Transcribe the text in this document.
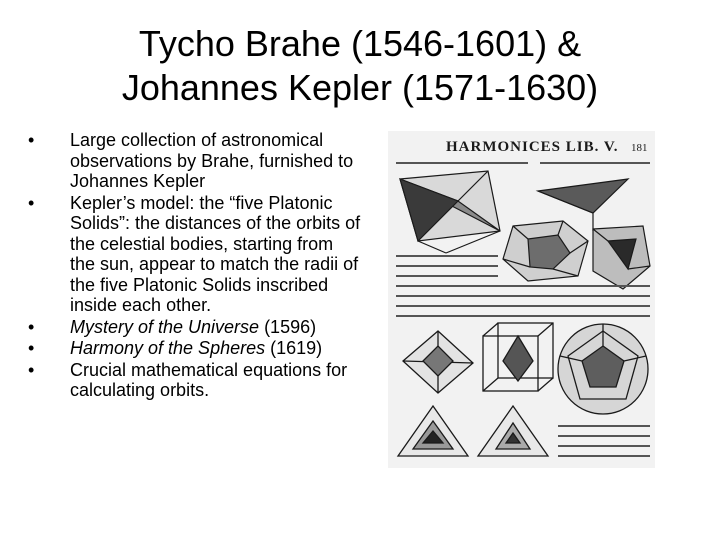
Tycho Brahe (1546-1601) &
Johannes Kepler (1571-1630)
•	Large collection of astronomical observations by Brahe, furnished to Johannes Kepler
•	Kepler’s model: the “five Platonic Solids”: the distances of the orbits of the celestial bodies, starting from the sun, appear to match the radii of the five Platonic Solids inscribed inside each other.
•	Mystery of the Universe (1596)
•	Harmony of the Spheres (1619)
•	Crucial mathematical equations for calculating orbits.
HARMONICES LIB. V. 181
